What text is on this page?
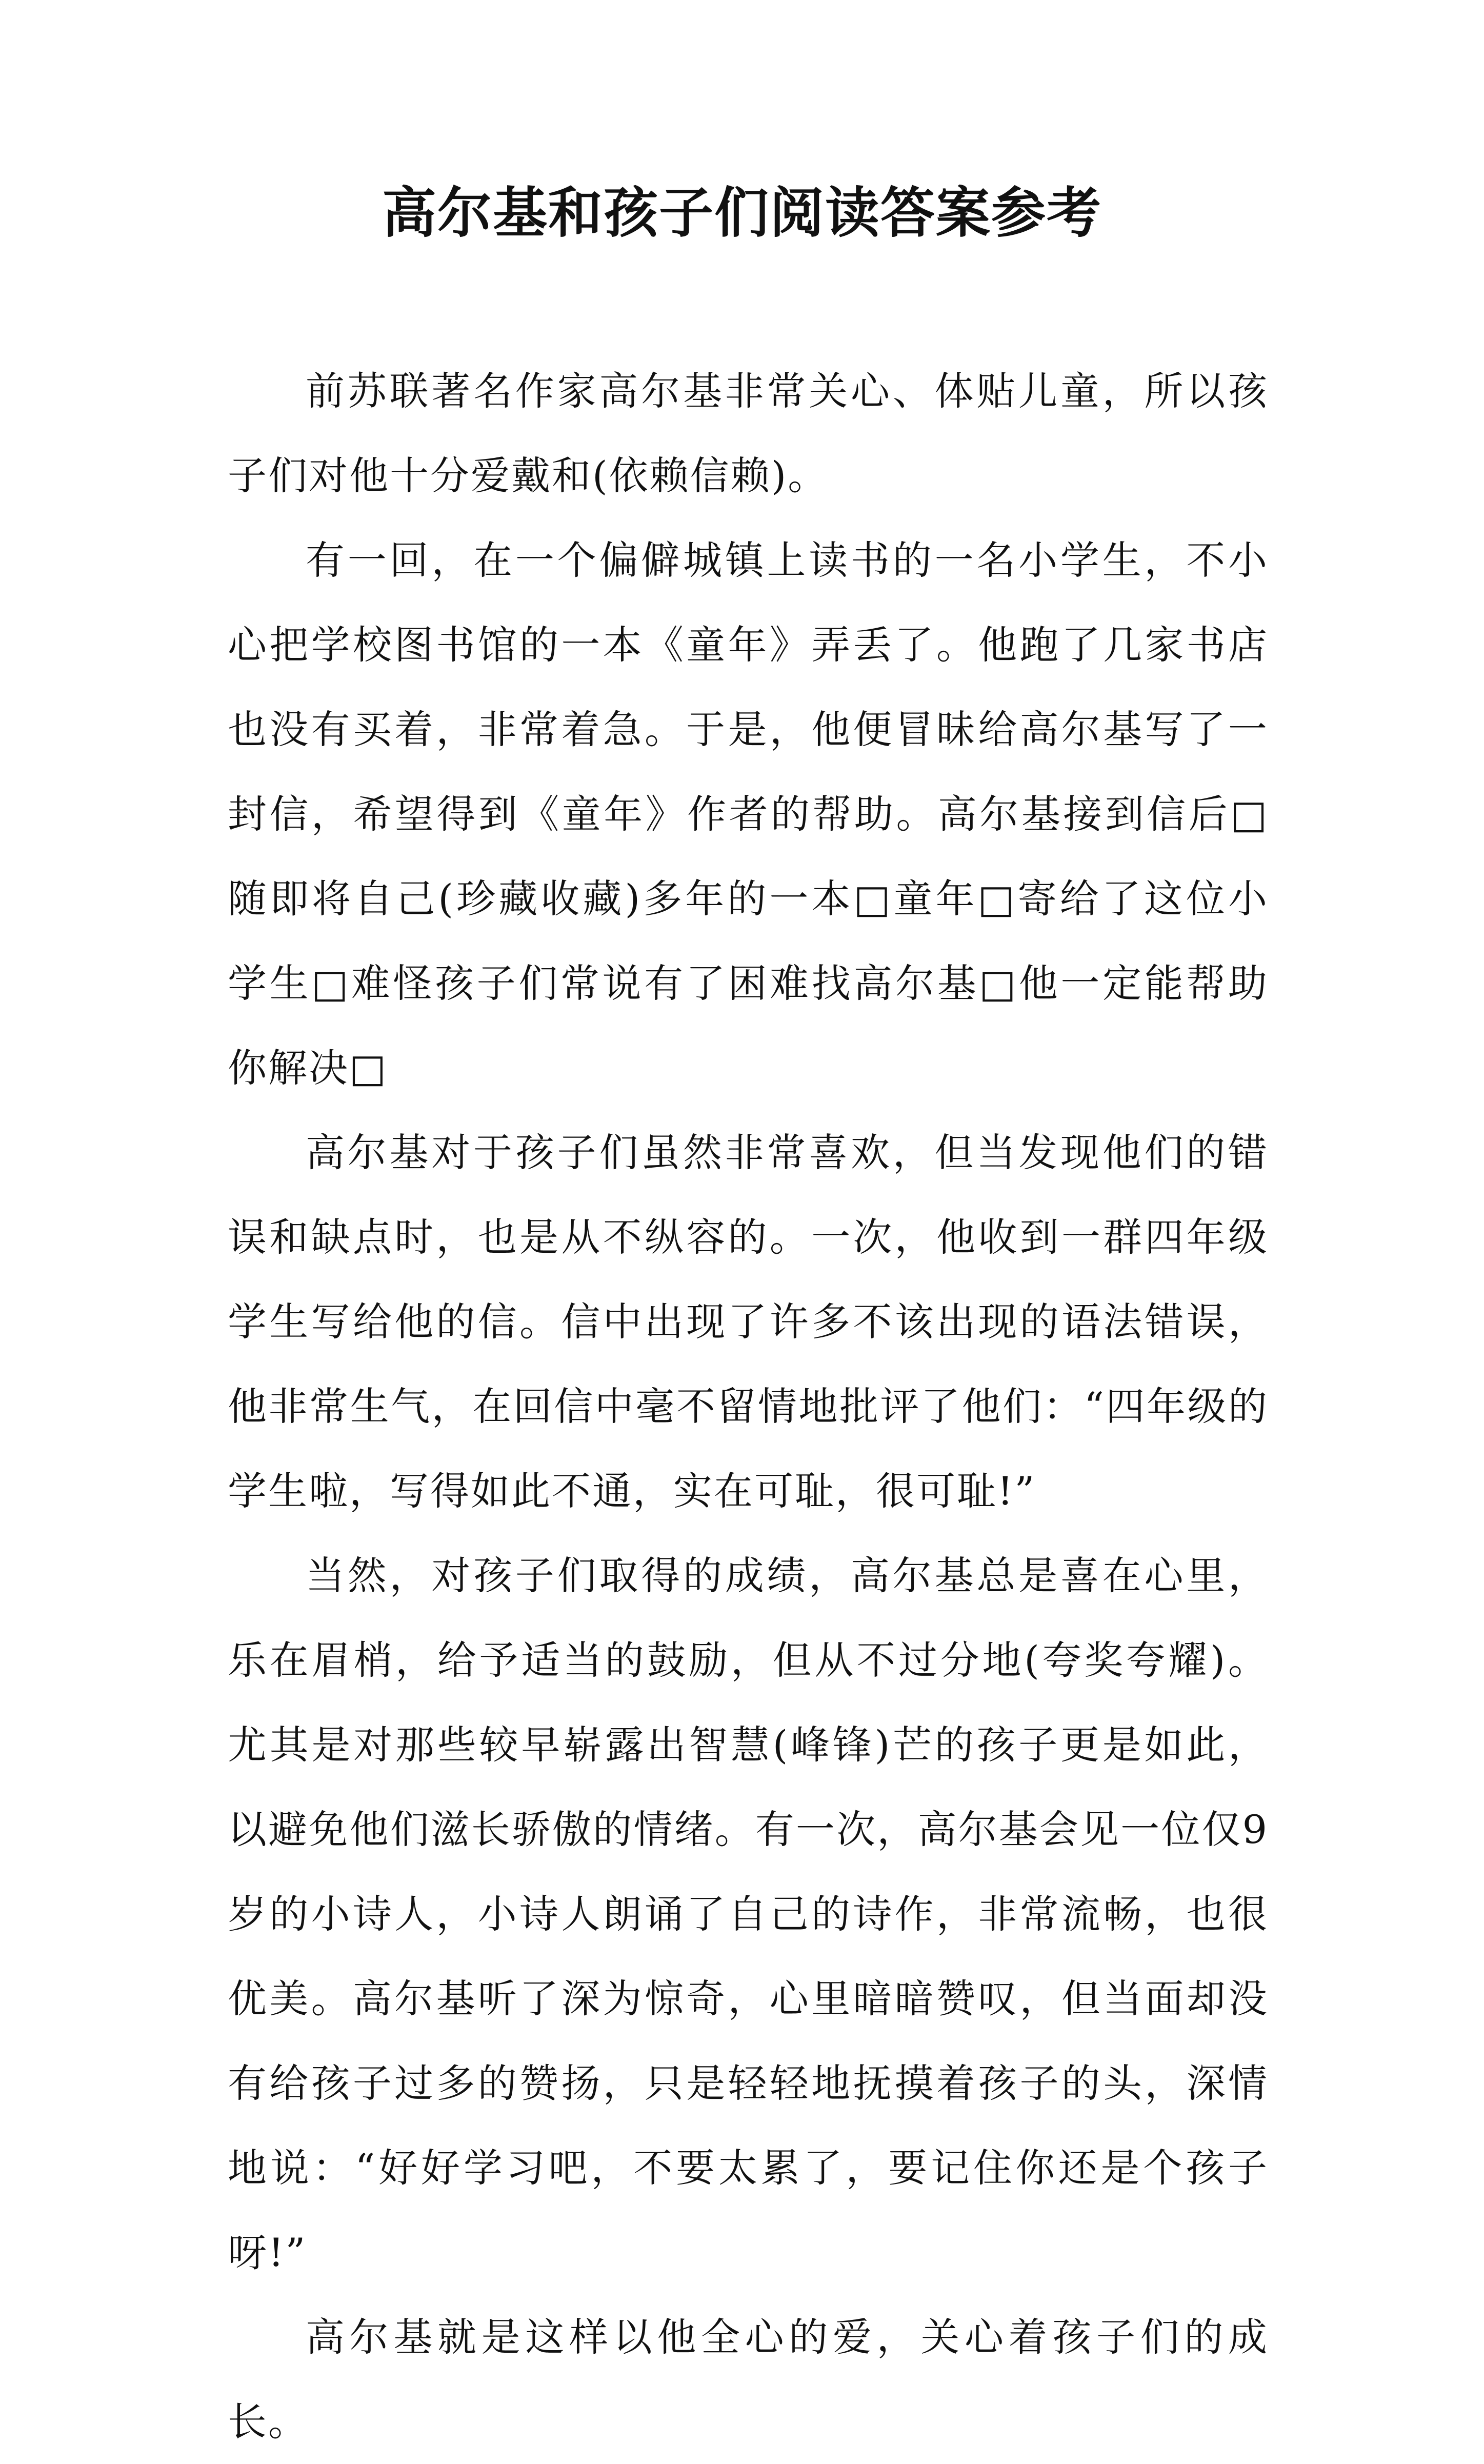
高尔基和孩子们阅读答案参考

前苏联著名作家高尔基非常关心、体贴儿童，所以孩子们对他十分爱戴和(依赖信赖)。

有一回，在一个偏僻城镇上读书的一名小学生，不小心把学校图书馆的一本《童年》弄丢了。他跑了几家书店也没有买着，非常着急。于是，他便冒昧给高尔基写了一封信，希望得到《童年》作者的帮助。高尔基接到信后□随即将自己(珍藏收藏)多年的一本□童年□寄给了这位小学生□难怪孩子们常说有了困难找高尔基□他一定能帮助你解决□

高尔基对于孩子们虽然非常喜欢，但当发现他们的错误和缺点时，也是从不纵容的。一次，他收到一群四年级学生写给他的信。信中出现了许多不该出现的语法错误，他非常生气，在回信中毫不留情地批评了他们：“四年级的学生啦，写得如此不通，实在可耻，很可耻!”

当然，对孩子们取得的成绩，高尔基总是喜在心里，乐在眉梢，给予适当的鼓励，但从不过分地(夸奖夸耀)。尤其是对那些较早崭露出智慧(峰锋)芒的孩子更是如此，以避免他们滋长骄傲的情绪。有一次，高尔基会见一位仅9岁的小诗人，小诗人朗诵了自己的诗作，非常流畅，也很优美。高尔基听了深为惊奇，心里暗暗赞叹，但当面却没有给孩子过多的赞扬，只是轻轻地抚摸着孩子的头，深情地说：“好好学习吧，不要太累了，要记住你还是个孩子呀!”

高尔基就是这样以他全心的爱，关心着孩子们的成长。
